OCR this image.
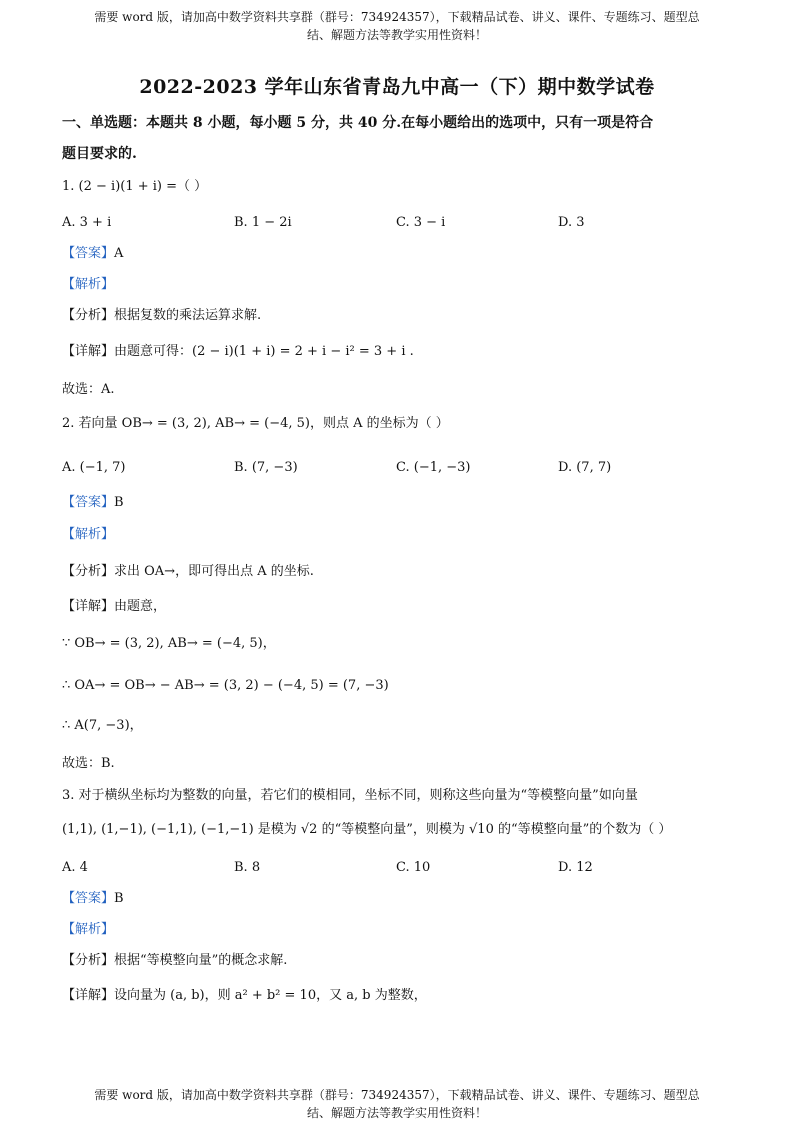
需要 word 版，请加高中数学资料共享群（群号：734924357），下载精品试卷、讲义、课件、专题练习、题型总
结、解题方法等教学实用性资料！
2022-2023 学年山东省青岛九中高一（下）期中数学试卷
一、单选题：本题共 8 小题，每小题 5 分，共 40 分.在每小题给出的选项中，只有一项是符合
题目要求的.
1. (2 − i)(1 + i) =（ ）
A. 3 + i	B. 1 − 2i	C. 3 − i	D. 3
【答案】A
【解析】
【分析】根据复数的乘法运算求解.
【详解】由题意可得：(2 − i)(1 + i) = 2 + i − i² = 3 + i .
故选：A.
2. 若向量 OB→ = (3, 2), AB→ = (−4, 5)，则点 A 的坐标为（ ）
A. (−1, 7)	B. (7, −3)	C. (−1, −3)	D. (7, 7)
【答案】B
【解析】
【分析】求出 OA→，即可得出点 A 的坐标.
【详解】由题意，
∵ OB→ = (3, 2), AB→ = (−4, 5)，
∴ OA→ = OB→ − AB→ = (3, 2) − (−4, 5) = (7, −3)
∴ A(7, −3)，
故选：B.
3. 对于横纵坐标均为整数的向量，若它们的模相同，坐标不同，则称这些向量为“等模整向量”如向量
(1,1), (1,−1), (−1,1), (−1,−1) 是模为 √2 的“等模整向量”，则模为 √10 的“等模整向量”的个数为（ ）
A. 4	B. 8	C. 10	D. 12
【答案】B
【解析】
【分析】根据“等模整向量”的概念求解.
【详解】设向量为 (a, b)，则 a² + b² = 10，又 a, b 为整数，
需要 word 版，请加高中数学资料共享群（群号：734924357），下载精品试卷、讲义、课件、专题练习、题型总
结、解题方法等教学实用性资料！
